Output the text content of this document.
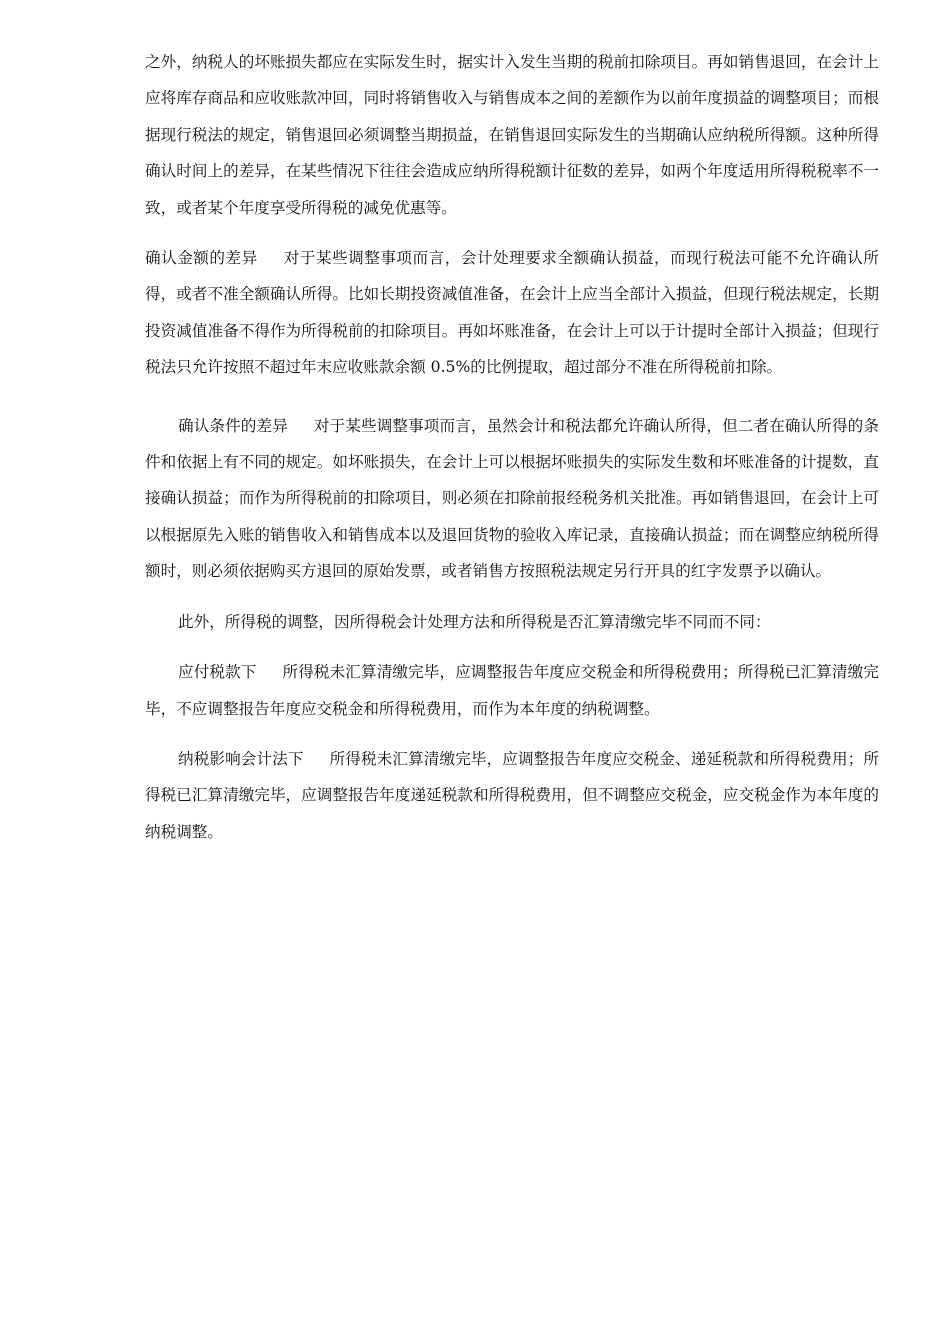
之外，纳税人的坏账损失都应在实际发生时，据实计入发生当期的税前扣除项目。再如销售退回，在会计上应将库存商品和应收账款冲回，同时将销售收入与销售成本之间的差额作为以前年度损益的调整项目；而根据现行税法的规定，销售退回必须调整当期损益，在销售退回实际发生的当期确认应纳税所得额。这种所得确认时间上的差异，在某些情况下往往会造成应纳所得税额计征数的差异，如两个年度适用所得税税率不一致，或者某个年度享受所得税的减免优惠等。

确认金额的差异 对于某些调整事项而言，会计处理要求全额确认损益，而现行税法可能不允许确认所得，或者不准全额确认所得。比如长期投资减值准备，在会计上应当全部计入损益，但现行税法规定，长期投资减值准备不得作为所得税前的扣除项目。再如坏账准备，在会计上可以于计提时全部计入损益；但现行税法只允许按照不超过年末应收账款余额 0.5%的比例提取，超过部分不准在所得税前扣除。

确认条件的差异 对于某些调整事项而言，虽然会计和税法都允许确认所得，但二者在确认所得的条件和依据上有不同的规定。如坏账损失，在会计上可以根据坏账损失的实际发生数和坏账准备的计提数，直接确认损益；而作为所得税前的扣除项目，则必须在扣除前报经税务机关批准。再如销售退回，在会计上可以根据原先入账的销售收入和销售成本以及退回货物的验收入库记录，直接确认损益；而在调整应纳税所得额时，则必须依据购买方退回的原始发票，或者销售方按照税法规定另行开具的红字发票予以确认。

此外，所得税的调整，因所得税会计处理方法和所得税是否汇算清缴完毕不同而不同：

应付税款下 所得税未汇算清缴完毕，应调整报告年度应交税金和所得税费用；所得税已汇算清缴完毕，不应调整报告年度应交税金和所得税费用，而作为本年度的纳税调整。

纳税影响会计法下 所得税未汇算清缴完毕，应调整报告年度应交税金、递延税款和所得税费用；所得税已汇算清缴完毕，应调整报告年度递延税款和所得税费用，但不调整应交税金，应交税金作为本年度的纳税调整。
